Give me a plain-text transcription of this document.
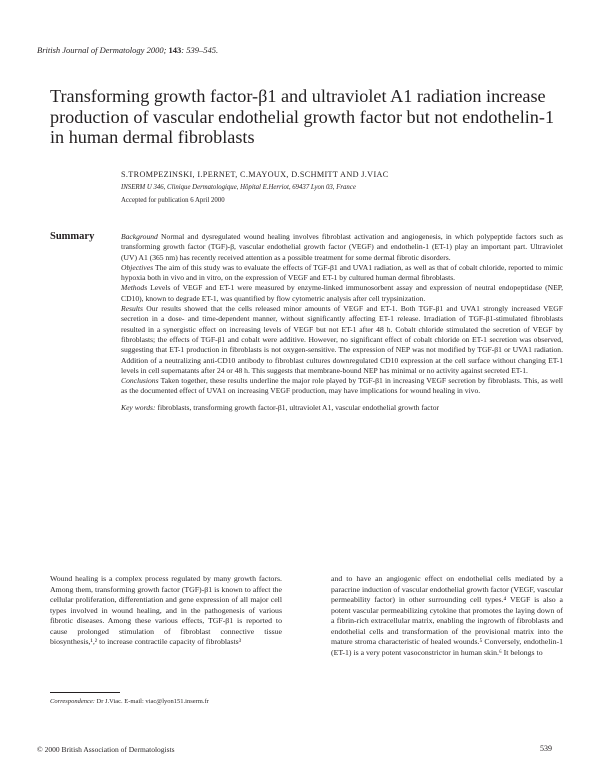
British Journal of Dermatology 2000; 143: 539–545.
Transforming growth factor-β1 and ultraviolet A1 radiation increase production of vascular endothelial growth factor but not endothelin-1 in human dermal fibroblasts
S.TROMPEZINSKI, I.PERNET, C.MAYOUX, D.SCHMITT AND J.VIAC
INSERM U 346, Clinique Dermatologique, Hôpital E.Herriot, 69437 Lyon 03, France
Accepted for publication 6 April 2000
Summary	Background Normal and dysregulated wound healing involves fibroblast activation and angiogenesis, in which polypeptide factors such as transforming growth factor (TGF)-β, vascular endothelial growth factor (VEGF) and endothelin-1 (ET-1) play an important part. Ultraviolet (UV) A1 (365 nm) has recently received attention as a possible treatment for some dermal fibrotic disorders.

Objectives The aim of this study was to evaluate the effects of TGF-β1 and UVA1 radiation, as well as that of cobalt chloride, reported to mimic hypoxia both in vivo and in vitro, on the expression of VEGF and ET-1 by cultured human dermal fibroblasts.

Methods Levels of VEGF and ET-1 were measured by enzyme-linked immunosorbent assay and expression of neutral endopeptidase (NEP, CD10), known to degrade ET-1, was quantified by flow cytometric analysis after cell trypsinization.

Results Our results showed that the cells released minor amounts of VEGF and ET-1. Both TGF-β1 and UVA1 strongly increased VEGF secretion in a dose- and time-dependent manner, without significantly affecting ET-1 release. Irradiation of TGF-β1-stimulated fibroblasts resulted in a synergistic effect on increasing levels of VEGF but not ET-1 after 48 h. Cobalt chloride stimulated the secretion of VEGF by fibroblasts; the effects of TGF-β1 and cobalt were additive. However, no significant effect of cobalt chloride on ET-1 secretion was observed, suggesting that ET-1 production in fibroblasts is not oxygen-sensitive. The expression of NEP was not modified by TGF-β1 or UVA1 radiation. Addition of a neutralizing anti-CD10 antibody to fibroblast cultures downregulated CD10 expression at the cell surface without changing ET-1 levels in cell supernatants after 24 or 48 h. This suggests that membrane-bound NEP has minimal or no activity against secreted ET-1.

Conclusions Taken together, these results underline the major role played by TGF-β1 in increasing VEGF secretion by fibroblasts. This, as well as the documented effect of UVA1 on increasing VEGF production, may have implications for wound healing in vivo.

Key words: fibroblasts, transforming growth factor-β1, ultraviolet A1, vascular endothelial growth factor

Wound healing is a complex process regulated by many growth factors. Among them, transforming growth factor (TGF)-β1 is known to affect the cellular proliferation, differentiation and gene expression of all major cell types involved in wound healing, and in the pathogenesis of various fibrotic diseases. Among these various effects, TGF-β1 is reported to cause prolonged stimulation of fibroblast connective tissue biosynthesis,¹,² to increase contractile capacity of fibroblasts³

and to have an angiogenic effect on endothelial cells mediated by a paracrine induction of vascular endothelial growth factor (VEGF, vascular permeability factor) in other surrounding cell types.⁴ VEGF is also a potent vascular permeabilizing cytokine that promotes the laying down of a fibrin-rich extracellular matrix, enabling the ingrowth of fibroblasts and endothelial cells and transformation of the provisional matrix into the mature stroma characteristic of healed wounds.⁵ Conversely, endothelin-1 (ET-1) is a very potent vasoconstrictor in human skin.⁶ It belongs to

Correspondence: Dr J.Viac. E-mail: viac@lyon151.inserm.fr
© 2000 British Association of Dermatologists	539
